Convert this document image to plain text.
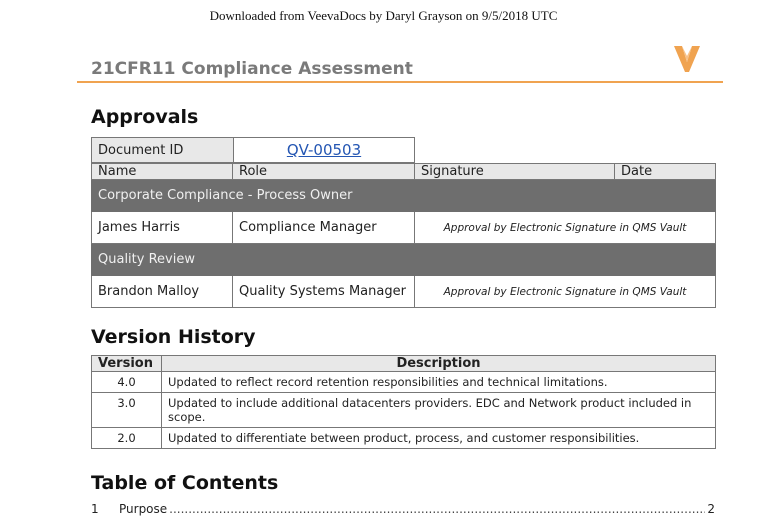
Downloaded from VeevaDocs by Daryl Grayson on 9/5/2018 UTC
21CFR11 Compliance Assessment
Approvals
Document ID	QV-00503
Name	Role	Signature	Date
Corporate Compliance - Process Owner			
James Harris	Compliance Manager	Approval by Electronic Signature in QMS Vault	
Quality Review			
Brandon Malloy	Quality Systems Manager	Approval by Electronic Signature in QMS Vault	
Version History
Version	Description
4.0	Updated to reflect record retention responsibilities and technical limitations.
3.0	Updated to include additional datacenters providers. EDC and Network product included in scope.
2.0	Updated to differentiate between product, process, and customer responsibilities.
Table of Contents
1	Purpose .....	2
